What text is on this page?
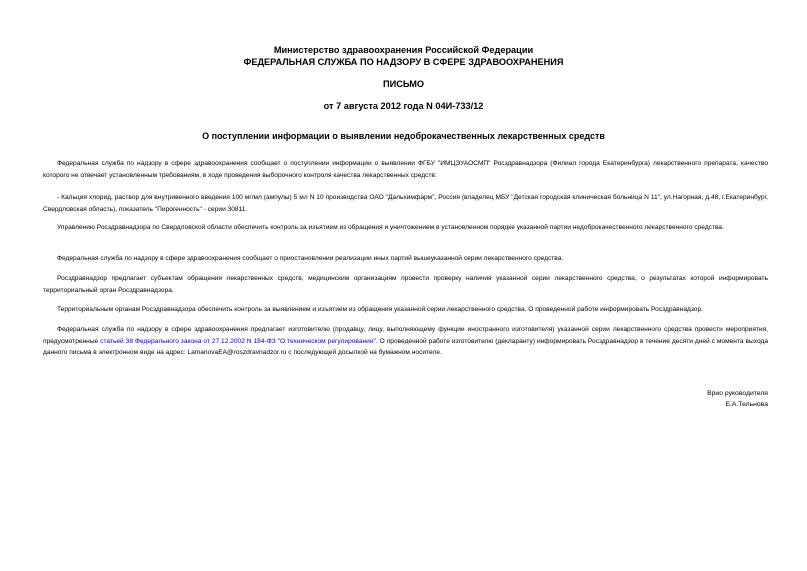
Министерство здравоохранения Российской Федерации
ФЕДЕРАЛЬНАЯ СЛУЖБА ПО НАДЗОРУ В СФЕРЕ ЗДРАВООХРАНЕНИЯ
ПИСЬМО
от 7 августа 2012 года N 04И-733/12
О поступлении информации о выявлении недоброкачественных лекарственных средств
Федеральная служба по надзору в сфере здравоохранения сообщает о поступлении информации о выявлении ФГБУ "ИМЦЭУАОСМП" Росздравнадзора (Филиал города Екатеринбурга) лекарственного препарата, качество которого не отвечает установленным требованиям, в ходе проведения выборочного контроля качества лекарственных средств:
- Кальция хлорид, раствор для внутривенного введения 100 мг/мл (ампулы) 5 мл N 10 производства ОАО "Дальхимфарм", Россия (владелец МБУ "Детская городская клиническая больница N 11", ул.Нагорная, д.48, г.Екатеринбург, Свердловская область), показатель "Пирогенность" - серии 30811.
Управлению Росздравнадзора по Свердловской области обеспечить контроль за изъятием из обращения и уничтожением в установленном порядке указанной партии недоброкачественного лекарственного средства.
Федеральная служба по надзору в сфере здравоохранения сообщает о приостановлении реализации иных партий вышеуказанной серии лекарственного средства.
Росздравнадзор предлагает субъектам обращения лекарственных средств, медицинским организациям провести проверку наличия указанной серии лекарственного средства, о результатах которой информировать территориальный орган Росздравнадзора.
Территориальным органам Росздравнадзора обеспечить контроль за выявлением и изъятием из обращения указанной серии лекарственного средства. О проведенной работе информировать Росздравнадзор.
Федеральная служба по надзору в сфере здравоохранения предлагает изготовителю (продавцу, лицу, выполняющему функции иностранного изготовителя) указанной серии лекарственного средства провести мероприятия, предусмотренные статьей 38 Федерального закона от 27.12.2002 N 184-ФЗ "О техническом регулировании". О проведенной работе изготовителю (декларанту) информировать Росздравнадзор в течение десяти дней с момента выхода данного письма в электронном виде на адрес: LamanovaEA@roszdravnadzor.ru с последующей досылкой на бумажном носителе.
Врио руководителя
Е.А.Тельнова
